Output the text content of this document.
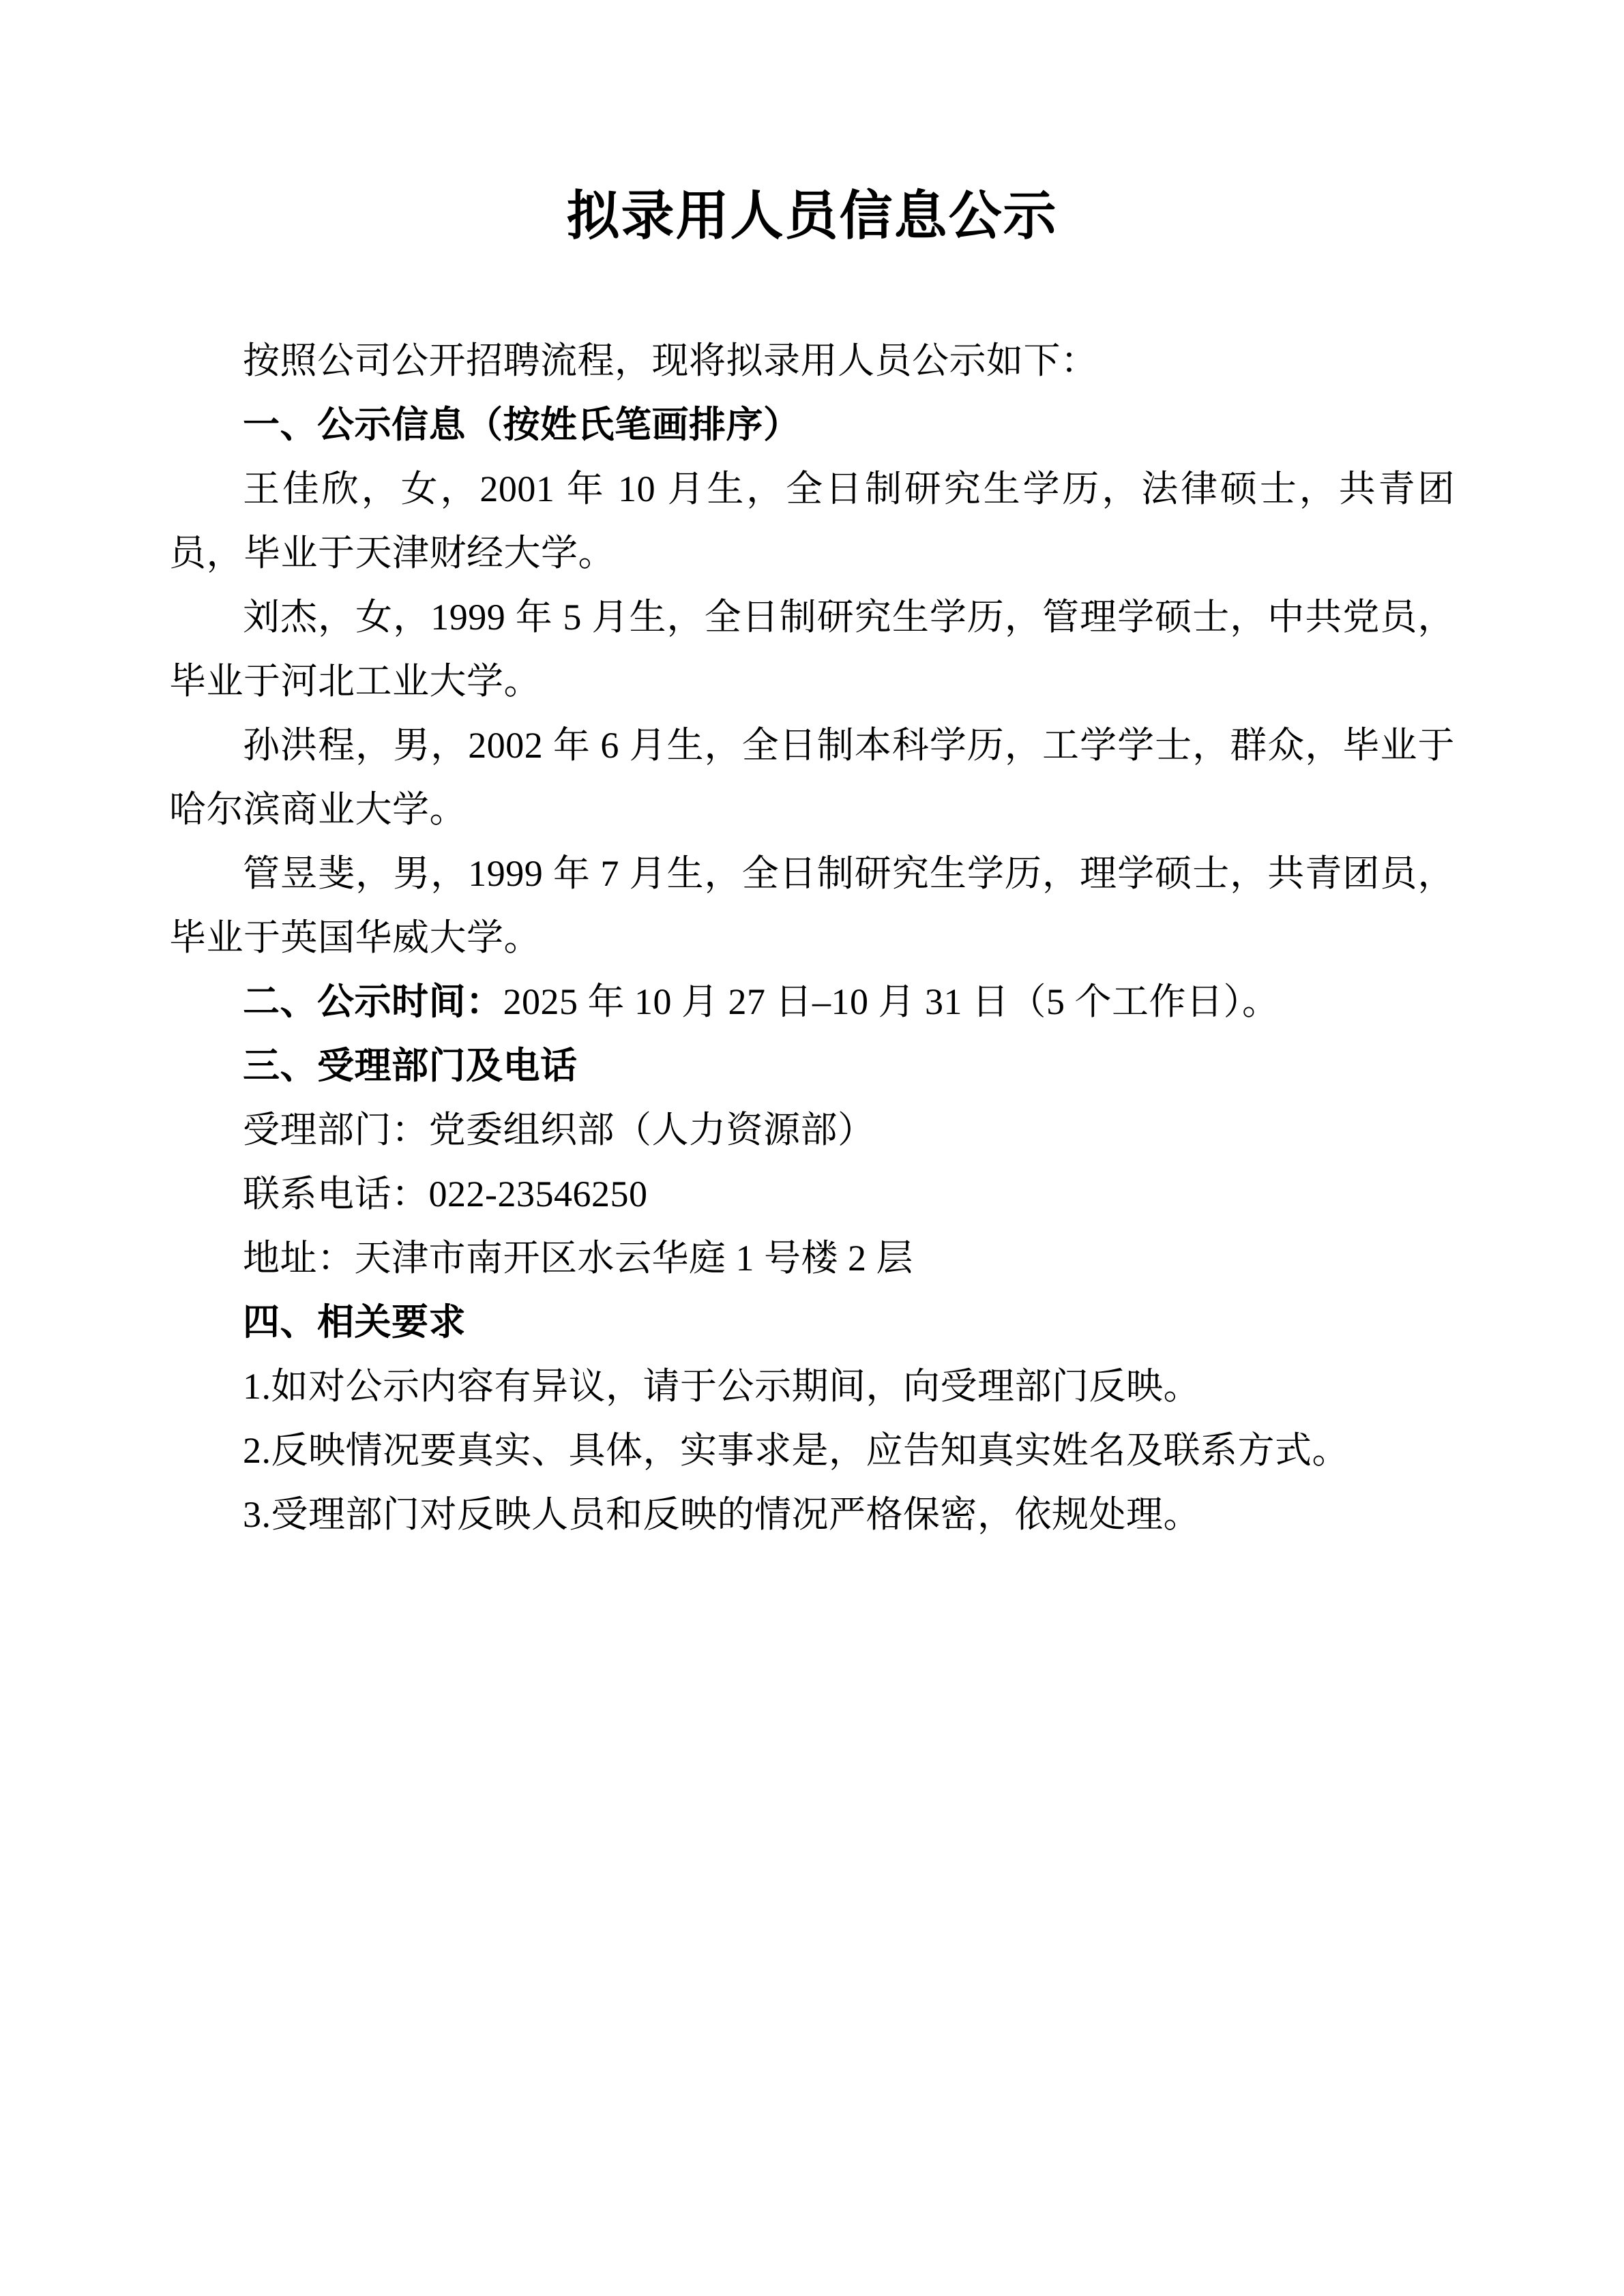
拟录用人员信息公示

按照公司公开招聘流程，现将拟录用人员公示如下：

一、公示信息（按姓氏笔画排序）

王佳欣，女，2001 年 10 月生，全日制研究生学历，法律硕士，共青团员，毕业于天津财经大学。

刘杰，女，1999 年 5 月生，全日制研究生学历，管理学硕士，中共党员，毕业于河北工业大学。

孙洪程，男，2002 年 6 月生，全日制本科学历，工学学士，群众，毕业于哈尔滨商业大学。

管昱斐，男，1999 年 7 月生，全日制研究生学历，理学硕士，共青团员，毕业于英国华威大学。

二、公示时间：2025 年 10 月 27 日–10 月 31 日（5 个工作日）。

三、受理部门及电话

受理部门：党委组织部（人力资源部）

联系电话：022-23546250

地址：天津市南开区水云华庭 1 号楼 2 层

四、相关要求

1.如对公示内容有异议，请于公示期间，向受理部门反映。

2.反映情况要真实、具体，实事求是，应告知真实姓名及联系方式。

3.受理部门对反映人员和反映的情况严格保密，依规处理。
